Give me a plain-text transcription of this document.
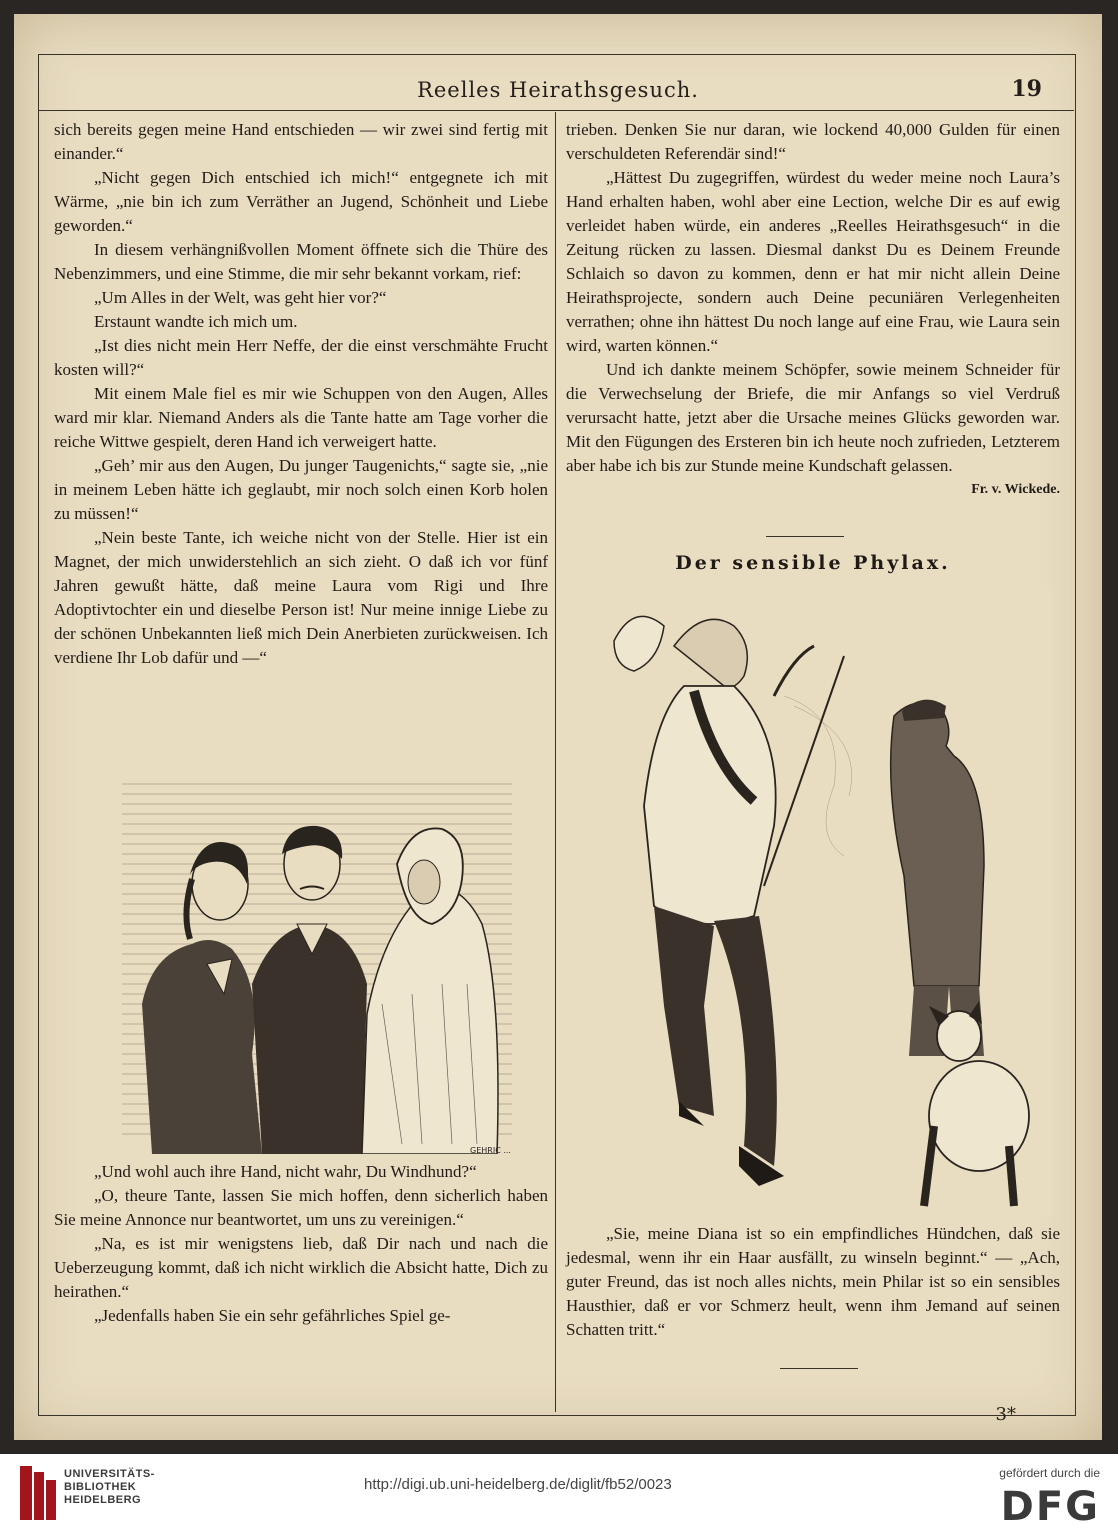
Reelles Heirathsgesuch.	19

sich bereits gegen meine Hand entschieden — wir zwei sind fertig mit einander.“

„Nicht gegen Dich entschied ich mich!“ entgegnete ich mit Wärme, „nie bin ich zum Verräther an Jugend, Schönheit und Liebe geworden.“

In diesem verhängnißvollen Moment öffnete sich die Thüre des Nebenzimmers, und eine Stimme, die mir sehr bekannt vorkam, rief:

„Um Alles in der Welt, was geht hier vor?“

Erstaunt wandte ich mich um.

„Ist dies nicht mein Herr Neffe, der die einst verschmähte Frucht kosten will?“

Mit einem Male fiel es mir wie Schuppen von den Augen, Alles ward mir klar. Niemand Anders als die Tante hatte am Tage vorher die reiche Wittwe gespielt, deren Hand ich verweigert hatte.

„Geh’ mir aus den Augen, Du junger Taugenichts,“ sagte sie, „nie in meinem Leben hätte ich geglaubt, mir noch solch einen Korb holen zu müssen!“

„Nein beste Tante, ich weiche nicht von der Stelle. Hier ist ein Magnet, der mich unwiderstehlich an sich zieht. O daß ich vor fünf Jahren gewußt hätte, daß meine Laura vom Rigi und Ihre Adoptivtochter ein und dieselbe Person ist! Nur meine innige Liebe zu der schönen Unbekannten ließ mich Dein Anerbieten zurückweisen. Ich verdiene Ihr Lob dafür und —“

GEHRIC ...

„Und wohl auch ihre Hand, nicht wahr, Du Windhund?“

„O, theure Tante, lassen Sie mich hoffen, denn sicherlich haben Sie meine Annonce nur beantwortet, um uns zu vereinigen.“

„Na, es ist mir wenigstens lieb, daß Dir nach und nach die Ueberzeugung kommt, daß ich nicht wirklich die Absicht hatte, Dich zu heirathen.“

„Jedenfalls haben Sie ein sehr gefährliches Spiel ge-

trieben. Denken Sie nur daran, wie lockend 40,000 Gulden für einen verschuldeten Referendär sind!“

„Hättest Du zugegriffen, würdest du weder meine noch Laura’s Hand erhalten haben, wohl aber eine Lection, welche Dir es auf ewig verleidet haben würde, ein anderes „Reelles Heirathsgesuch“ in die Zeitung rücken zu lassen. Diesmal dankst Du es Deinem Freunde Schlaich so davon zu kommen, denn er hat mir nicht allein Deine Heirathsprojecte, sondern auch Deine pecuniären Verlegenheiten verrathen; ohne ihn hättest Du noch lange auf eine Frau, wie Laura sein wird, warten können.“

Und ich dankte meinem Schöpfer, sowie meinem Schneider für die Verwechselung der Briefe, die mir Anfangs so viel Verdruß verursacht hatte, jetzt aber die Ursache meines Glücks geworden war. Mit den Fügungen des Ersteren bin ich heute noch zufrieden, Letzterem aber habe ich bis zur Stunde meine Kundschaft gelassen.

Fr. v. Wickede.

Der sensible Phylax.

„Sie, meine Diana ist so ein empfindliches Hündchen, daß sie jedesmal, wenn ihr ein Haar ausfällt, zu winseln beginnt.“ — „Ach, guter Freund, das ist noch alles nichts, mein Philar ist so ein sensibles Hausthier, daß er vor Schmerz heult, wenn ihm Jemand auf seinen Schatten tritt.“

3*
UNIVERSITÄTS-
BIBLIOTHEK
HEIDELBERG
http://digi.ub.uni-heidelberg.de/diglit/fb52/0023
gefördert durch die
DFG
